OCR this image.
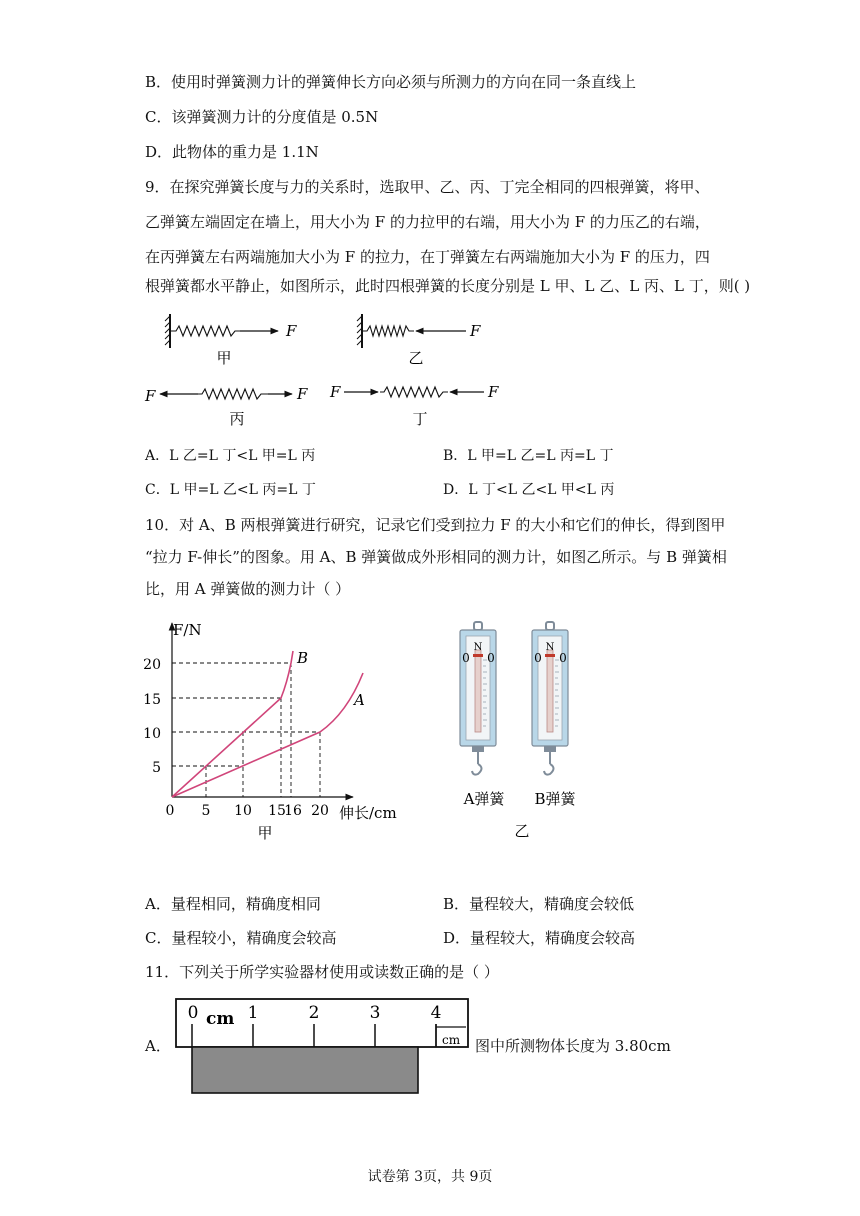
B．使用时弹簧测力计的弹簧伸长方向必须与所测力的方向在同一条直线上
C．该弹簧测力计的分度值是 0.5N
D．此物体的重力是 1.1N
9．在探究弹簧长度与力的关系时，选取甲、乙、丙、丁完全相同的四根弹簧，将甲、
乙弹簧左端固定在墙上，用大小为 F 的力拉甲的右端，用大小为 F 的力压乙的右端，
在丙弹簧左右两端施加大小为 F 的拉力，在丁弹簧左右两端施加大小为 F 的压力，四
根弹簧都水平静止，如图所示，此时四根弹簧的长度分别是 L 甲、L 乙、L 丙、L 丁，则( )
F
甲
F
乙
F	F
丙
F	F
丁
A．L 乙=L 丁<L 甲=L 丙	B．L 甲=L 乙=L 丙=L 丁
C．L 甲=L 乙<L 丙=L 丁	D．L 丁<L 乙<L 甲<L 丙
10．对 A、B 两根弹簧进行研究，记录它们受到拉力 F 的大小和它们的伸长，得到图甲
“拉力 F-伸长”的图象。用 A、B 弹簧做成外形相同的测力计，如图乙所示。与 B 弹簧相
比，用 A 弹簧做的测力计（ ）
F/N
伸长/cm
B
A
20
15
10
5
0 5 10 15
16 20
甲
N
0 0
N
0 0
A弹簧 B弹簧
乙
A．量程相同，精确度相同	B．量程较大，精确度会较低
C．量程较小，精确度会较高	D．量程较大，精确度会较高
11．下列关于所学实验器材使用或读数正确的是（ ）
A．
0	1	2	3	4
cm
cm 图中所测物体长度为 3.80cm
试卷第 3页，共 9页
